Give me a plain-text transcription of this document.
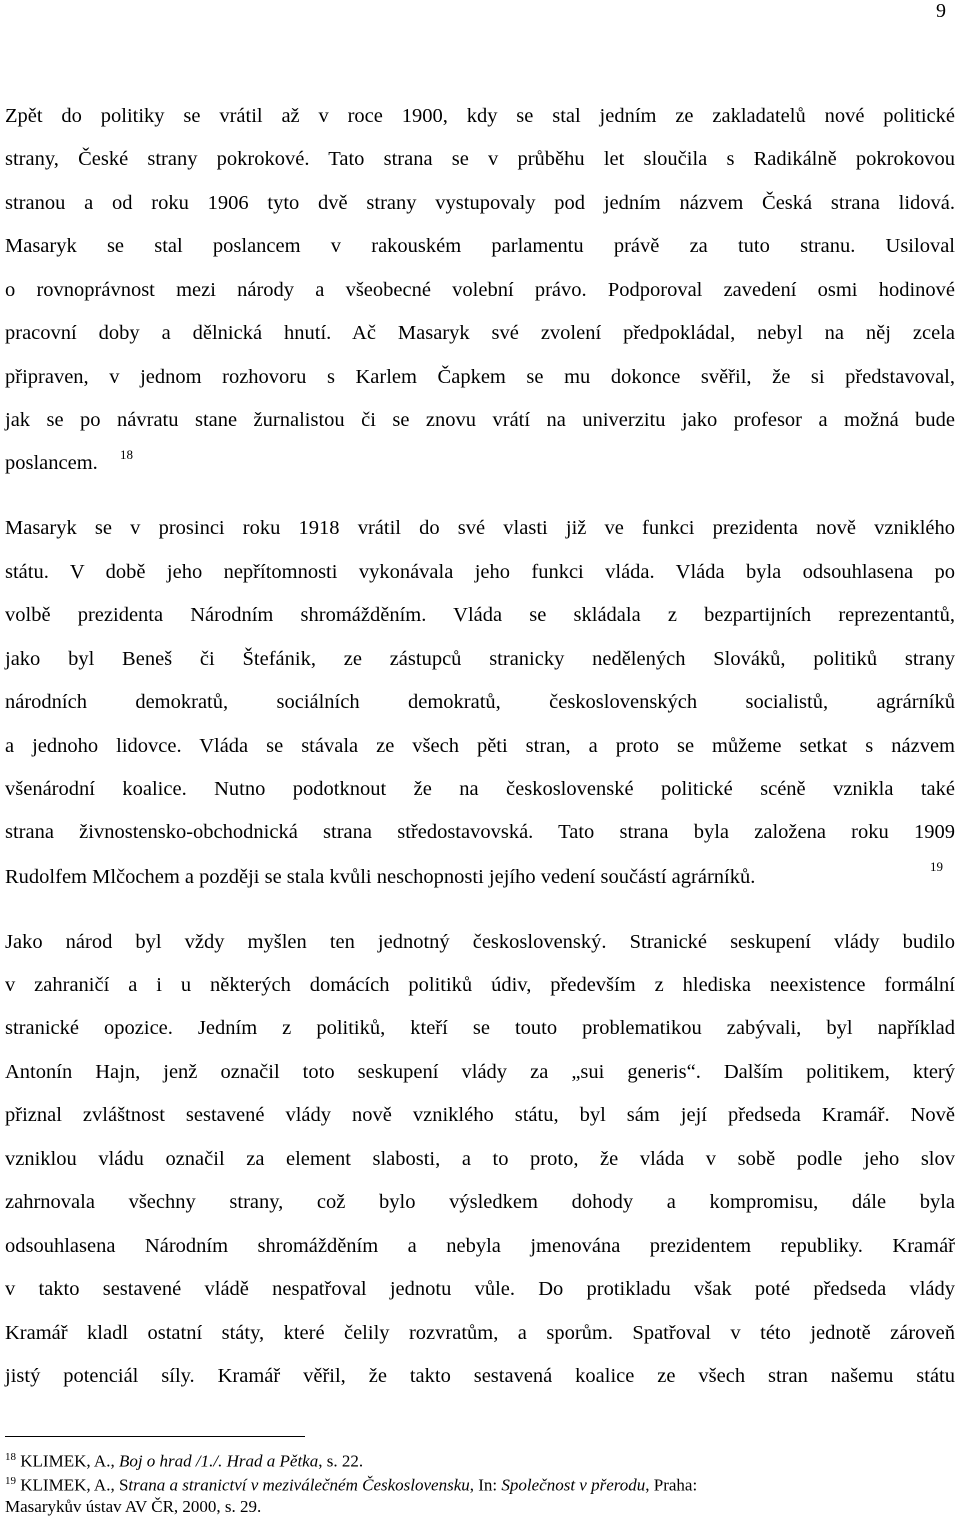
9
Zpět do politiky se vrátil až v roce 1900, kdy se stal jedním ze zakladatelů nové politické
strany, České strany pokrokové. Tato strana se v průběhu let sloučila s Radikálně pokrokovou
stranou a od roku 1906 tyto dvě strany vystupovaly pod jedním názvem Česká strana lidová.
Masaryk se stal poslancem v rakouském parlamentu právě za tuto stranu. Usiloval
o rovnoprávnost mezi národy a všeobecné volební právo. Podporoval zavedení osmi hodinové
pracovní doby a dělnická hnutí. Ač Masaryk své zvolení předpokládal, nebyl na něj zcela
připraven, v jednom rozhovoru s Karlem Čapkem se mu dokonce svěřil, že si představoval,
jak se po návratu stane žurnalistou či se znovu vrátí na univerzitu jako profesor a možná bude
poslancem.	18
Masaryk se v prosinci roku 1918 vrátil do své vlasti již ve funkci prezidenta nově vzniklého
státu. V době jeho nepřítomnosti vykonávala jeho funkci vláda. Vláda byla odsouhlasena po
volbě prezidenta Národním shromážděním. Vláda se skládala z bezpartijních reprezentantů,
jako byl Beneš či Štefánik, ze zástupců stranicky nedělených Slováků, politiků strany
národních demokratů, sociálních demokratů, československých socialistů, agrárníků
a jednoho lidovce. Vláda se stávala ze všech pěti stran, a proto se můžeme setkat s názvem
všenárodní koalice. Nutno podotknout že na československé politické scéně vznikla také
strana živnostensko-obchodnická strana středostavovská. Tato strana byla založena roku 1909
Rudolfem Mlčochem a později se stala kvůli neschopnosti jejího vedení součástí agrárníků.	19
Jako národ byl vždy myšlen ten jednotný československý. Stranické seskupení vlády budilo
v zahraničí a i u některých domácích politiků údiv, především z hlediska neexistence formální
stranické opozice. Jedním z politiků, kteří se touto problematikou zabývali, byl například
Antonín Hajn, jenž označil toto seskupení vlády za „sui generis“. Dalším politikem, který
přiznal zvláštnost sestavené vlády nově vzniklého státu, byl sám její předseda Kramář. Nově
vzniklou vládu označil za element slabosti, a to proto, že vláda v sobě podle jeho slov
zahrnovala všechny strany, což bylo výsledkem dohody a kompromisu, dále byla
odsouhlasena Národním shromážděním a nebyla jmenována prezidentem republiky. Kramář
v takto sestavené vládě nespatřoval jednotu vůle. Do protikladu však poté předseda vlády
Kramář kladl ostatní státy, které čelily rozvratům, a sporům. Spatřoval v této jednotě zároveň
jistý potenciál síly. Kramář věřil, že takto sestavená koalice ze všech stran našemu státu
$^{18}$ KLIMEK, A., Boj o hrad /1./. Hrad a Pětka, s. 22.
$^{19}$ KLIMEK, A., Strana a stranictví v meziválečném Československu, In: Společnost v přerodu, Praha:
Masarykův ústav AV ČR, 2000, s. 29.
